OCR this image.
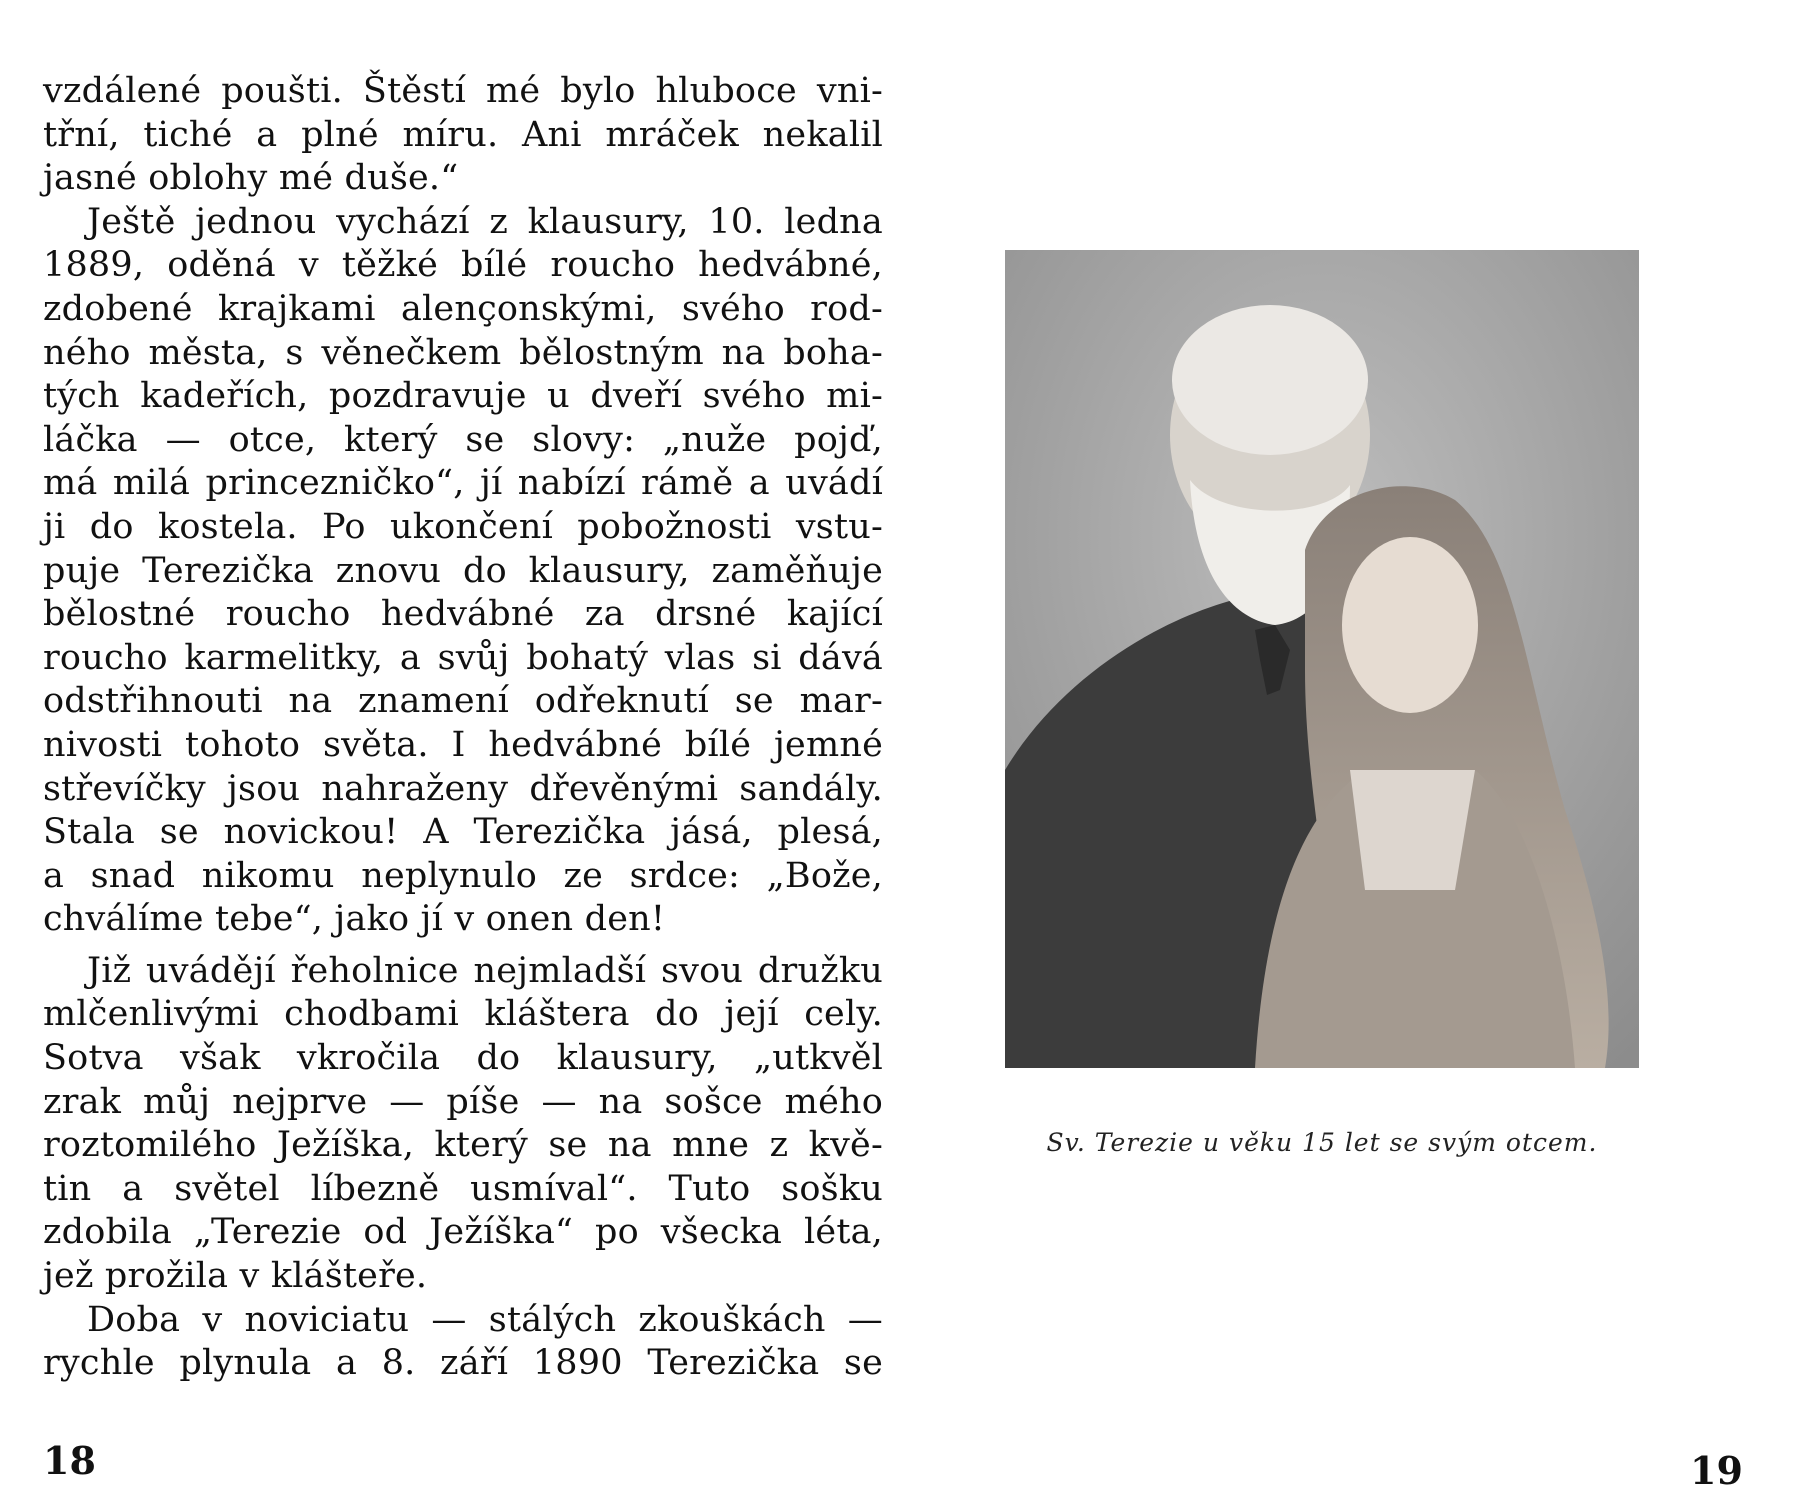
vzdálené poušti. Štěstí mé bylo hluboce vni-
třní, tiché a plné míru. Ani mráček nekalil
jasné oblohy mé duše.“
Ještě jednou vychází z klausury, 10. ledna
1889, oděná v těžké bílé roucho hedvábné,
zdobené krajkami alençonskými, svého rod-
ného města, s věnečkem bělostným na boha-
tých kadeřích, pozdravuje u dveří svého mi-
láčka — otce, který se slovy: „nuže pojď,
má milá princezničko“, jí nabízí rámě a uvádí
ji do kostela. Po ukončení pobožnosti vstu-
puje Terezička znovu do klausury, zaměňuje
bělostné roucho hedvábné za drsné kající
roucho karmelitky, a svůj bohatý vlas si dává
odstřihnouti na znamení odřeknutí se mar-
nivosti tohoto světa. I hedvábné bílé jemné
střevíčky jsou nahraženy dřevěnými sandály.
Stala se novickou! A Terezička jásá, plesá,
a snad nikomu neplynulo ze srdce: „Bože,
chválíme tebe“, jako jí v onen den!
Již uvádějí řeholnice nejmladší svou družku
mlčenlivými chodbami kláštera do její cely.
Sotva však vkročila do klausury, „utkvěl
zrak můj nejprve — píše — na sošce mého
roztomilého Ježíška, který se na mne z kvě-
tin a světel líbezně usmíval“. Tuto sošku
zdobila „Terezie od Ježíška“ po všecka léta,
jež prožila v klášteře.
Doba v noviciatu — stálých zkouškách —
rychle plynula a 8. září 1890 Terezička se
18
Sv. Terezie u věku 15 let se svým otcem.
19
